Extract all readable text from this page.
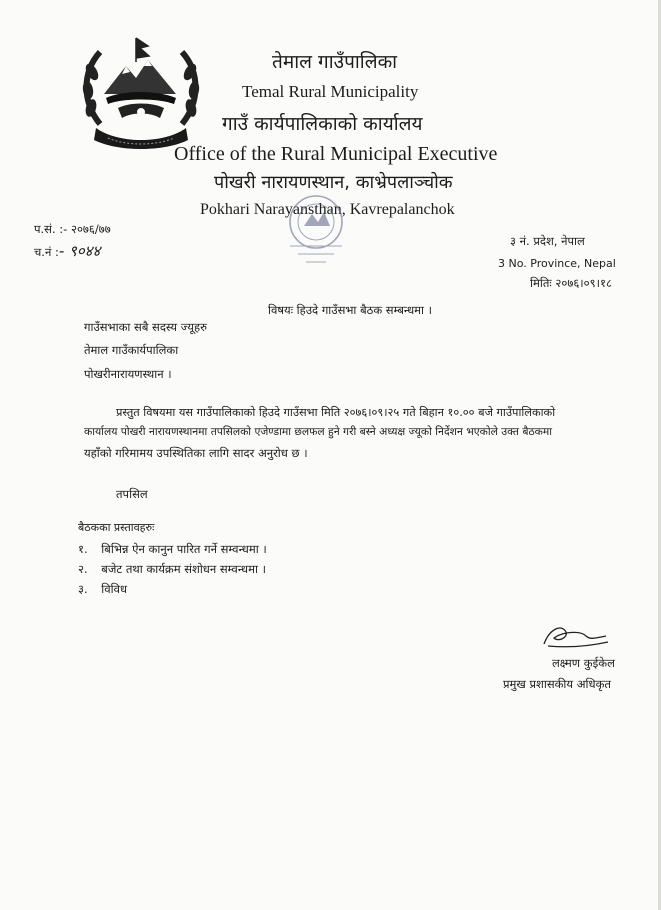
तेमाल गाउँपालिका
Temal Rural Municipality
गाउँ कार्यपालिकाको कार्यालय
Office of the Rural Municipal Executive
पोखरी नारायणस्थान, काभ्रेपलाञ्चोक
Pokhari Narayansthan, Kavrepalanchok
प.सं. :- २०७६/७७
च.नं :- ९०४४
३ नं. प्रदेश, नेपाल
3 No. Province, Nepal
मितिः २०७६।०९।१८
विषयः हिउदे गाउँसभा बैठक सम्बन्धमा ।
गाउँसभाका सबै सदस्य ज्यूहरु
तेमाल गाउँकार्यपालिका
पोखरीनारायणस्थान ।
प्रस्तुत विषयमा यस गाउँपालिकाको हिउदे गाउँसभा मिति २०७६।०९।२५ गते बिहान १०.०० बजे गाउँपालिकाको
कार्यालय पोखरी नारायणस्थानमा तपसिलको एजेण्डामा छलफल हुने गरी बस्ने अध्यक्ष ज्यूको निर्देशन भएकोले उक्त बैठकमा
यहाँको गरिमामय उपस्थितिका लागि सादर अनुरोध छ ।
तपसिल
बैठकका प्रस्तावहरुः
१. बिभिन्न ऐन कानुन पारित गर्ने सम्वन्धमा ।
२. बजेट तथा कार्यक्रम संशोधन सम्वन्धमा ।
३. विविध
लक्ष्मण कुईकेल
प्रमुख प्रशासकीय अधिकृत
